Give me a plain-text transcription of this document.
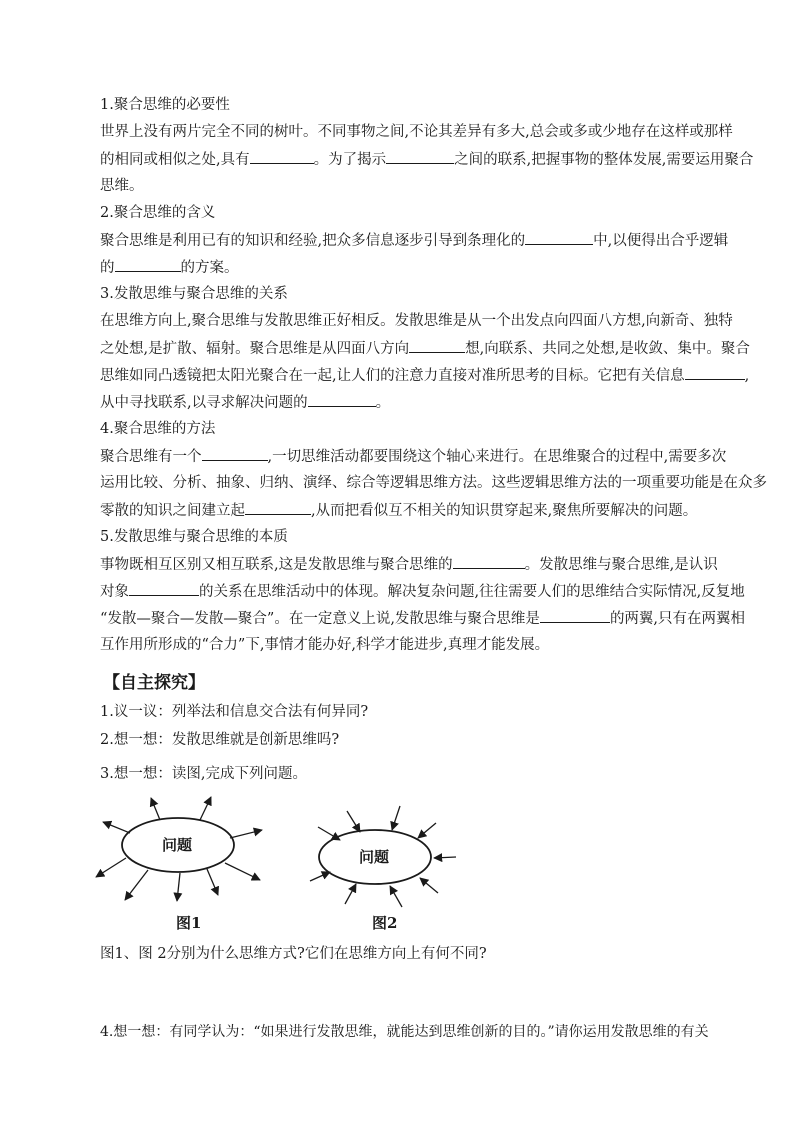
1.聚合思维的必要性
世界上没有两片完全不同的树叶。不同事物之间,不论其差异有多大,总会或多或少地存在这样或那样
的相同或相似之处,具有	。为了揭示	之间的联系,把握事物的整体发展,需要运用聚合
思维。
2.聚合思维的含义
聚合思维是利用已有的知识和经验,把众多信息逐步引导到条理化的	中,以便得出合乎逻辑
的	的方案。
3.发散思维与聚合思维的关系
在思维方向上,聚合思维与发散思维正好相反。发散思维是从一个出发点向四面八方想,向新奇、独特
之处想,是扩散、辐射。聚合思维是从四面八方向	想,向联系、共同之处想,是收敛、集中。聚合
思维如同凸透镜把太阳光聚合在一起,让人们的注意力直接对准所思考的目标。它把有关信息	,
从中寻找联系,以寻求解决问题的	。
4.聚合思维的方法
聚合思维有一个	,一切思维活动都要围绕这个轴心来进行。在思维聚合的过程中,需要多次
运用比较、分析、抽象、归纳、演绎、综合等逻辑思维方法。这些逻辑思维方法的一项重要功能是在众多
零散的知识之间建立起	,从而把看似互不相关的知识贯穿起来,聚焦所要解决的问题。
5.发散思维与聚合思维的本质
事物既相互区别又相互联系,这是发散思维与聚合思维的	。发散思维与聚合思维,是认识
对象	的关系在思维活动中的体现。解决复杂问题,往往需要人们的思维结合实际情况,反复地
“发散—聚合—发散—聚合”。在一定意义上说,发散思维与聚合思维是	的两翼,只有在两翼相
互作用所形成的“合力”下,事情才能办好,科学才能进步,真理才能发展。
【自主探究】
1.议一议：列举法和信息交合法有何异同?
2.想一想：发散思维就是创新思维吗?
3.想一想：读图,完成下列问题。
问题
问题
图1	图2
图1、图 2分别为什么思维方式?它们在思维方向上有何不同?
4.想一想：有同学认为：“如果进行发散思维，就能达到思维创新的目的。”请你运用发散思维的有关
